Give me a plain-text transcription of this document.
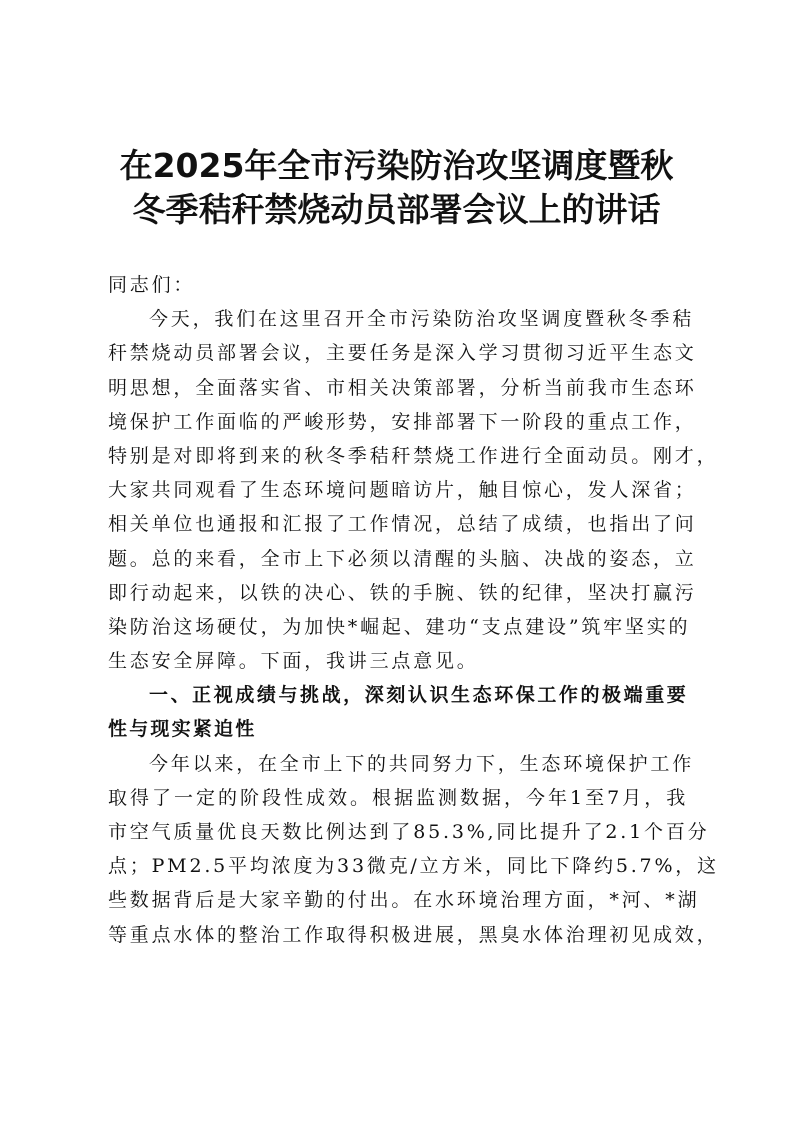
在2025年全市污染防治攻坚调度暨秋
冬季秸秆禁烧动员部署会议上的讲话
同志们：
今天，我们在这里召开全市污染防治攻坚调度暨秋冬季秸
秆禁烧动员部署会议，主要任务是深入学习贯彻习近平生态文
明思想，全面落实省、市相关决策部署，分析当前我市生态环
境保护工作面临的严峻形势，安排部署下一阶段的重点工作，
特别是对即将到来的秋冬季秸秆禁烧工作进行全面动员。刚才，
大家共同观看了生态环境问题暗访片，触目惊心，发人深省；
相关单位也通报和汇报了工作情况，总结了成绩，也指出了问
题。总的来看，全市上下必须以清醒的头脑、决战的姿态，立
即行动起来，以铁的决心、铁的手腕、铁的纪律，坚决打赢污
染防治这场硬仗，为加快*崛起、建功“支点建设”筑牢坚实的
生态安全屏障。下面，我讲三点意见。
一、正视成绩与挑战，深刻认识生态环保工作的极端重要
性与现实紧迫性
今年以来，在全市上下的共同努力下，生态环境保护工作
取得了一定的阶段性成效。根据监测数据，今年1至7月，我
市空气质量优良天数比例达到了85.3%,同比提升了2.1个百分
点；PM2.5平均浓度为33微克/立方米，同比下降约5.7%，这
些数据背后是大家辛勤的付出。在水环境治理方面，*河、*湖
等重点水体的整治工作取得积极进展，黑臭水体治理初见成效，
